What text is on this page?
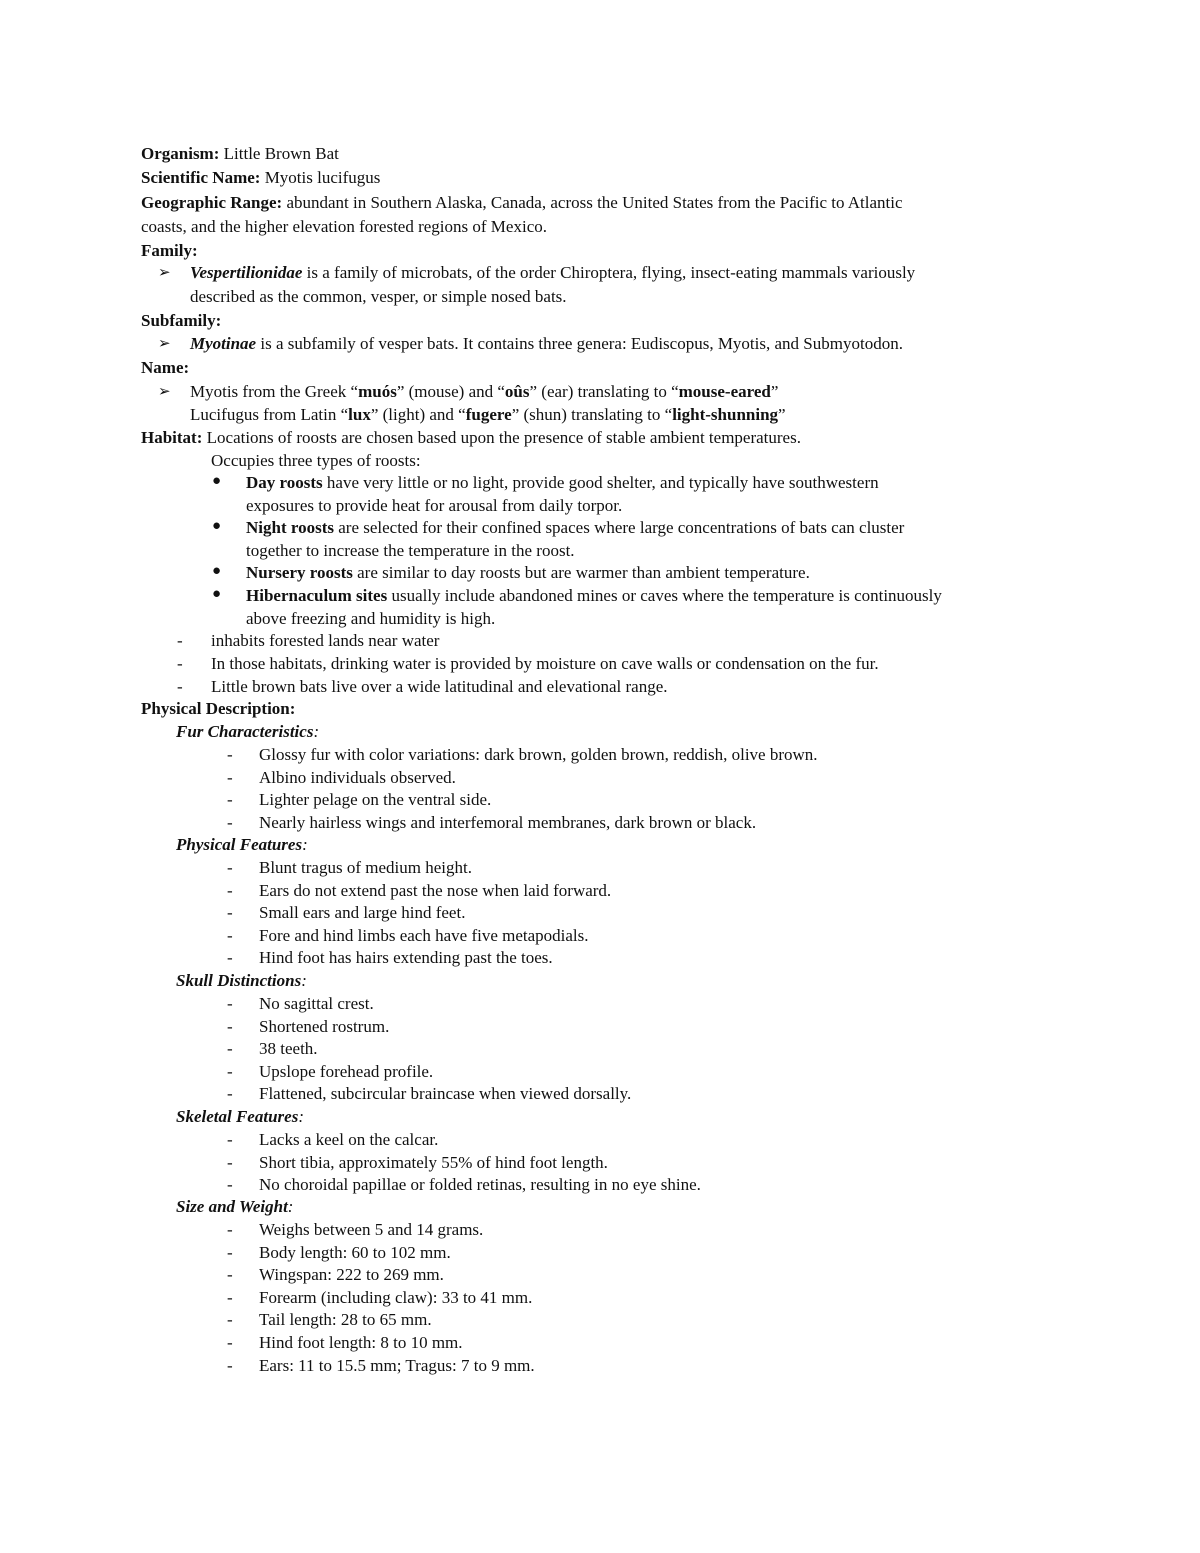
Organism: Little Brown Bat
Scientific Name: Myotis lucifugus
Geographic Range: abundant in Southern Alaska, Canada, across the United States from the Pacific to Atlantic
coasts, and the higher elevation forested regions of Mexico.
Family:
➢ Vespertilionidae is a family of microbats, of the order Chiroptera, flying, insect-eating mammals variously
described as the common, vesper, or simple nosed bats.
Subfamily:
➢ Myotinae is a subfamily of vesper bats. It contains three genera: Eudiscopus, Myotis, and Submyotodon.
Name:
➢ Myotis from the Greek “muós” (mouse) and “oûs” (ear) translating to “mouse-eared”
Lucifugus from Latin “lux” (light) and “fugere” (shun) translating to “light-shunning”
Habitat: Locations of roosts are chosen based upon the presence of stable ambient temperatures.
Occupies three types of roosts:
● Day roosts have very little or no light, provide good shelter, and typically have southwestern
exposures to provide heat for arousal from daily torpor.
● Night roosts are selected for their confined spaces where large concentrations of bats can cluster
together to increase the temperature in the roost.
● Nursery roosts are similar to day roosts but are warmer than ambient temperature.
● Hibernaculum sites usually include abandoned mines or caves where the temperature is continuously
above freezing and humidity is high.
- inhabits forested lands near water
- In those habitats, drinking water is provided by moisture on cave walls or condensation on the fur.
- Little brown bats live over a wide latitudinal and elevational range.
Physical Description:
Fur Characteristics:
- Glossy fur with color variations: dark brown, golden brown, reddish, olive brown.
- Albino individuals observed.
- Lighter pelage on the ventral side.
- Nearly hairless wings and interfemoral membranes, dark brown or black.
Physical Features:
- Blunt tragus of medium height.
- Ears do not extend past the nose when laid forward.
- Small ears and large hind feet.
- Fore and hind limbs each have five metapodials.
- Hind foot has hairs extending past the toes.
Skull Distinctions:
- No sagittal crest.
- Shortened rostrum.
- 38 teeth.
- Upslope forehead profile.
- Flattened, subcircular braincase when viewed dorsally.
Skeletal Features:
- Lacks a keel on the calcar.
- Short tibia, approximately 55% of hind foot length.
- No choroidal papillae or folded retinas, resulting in no eye shine.
Size and Weight:
- Weighs between 5 and 14 grams.
- Body length: 60 to 102 mm.
- Wingspan: 222 to 269 mm.
- Forearm (including claw): 33 to 41 mm.
- Tail length: 28 to 65 mm.
- Hind foot length: 8 to 10 mm.
- Ears: 11 to 15.5 mm; Tragus: 7 to 9 mm.
